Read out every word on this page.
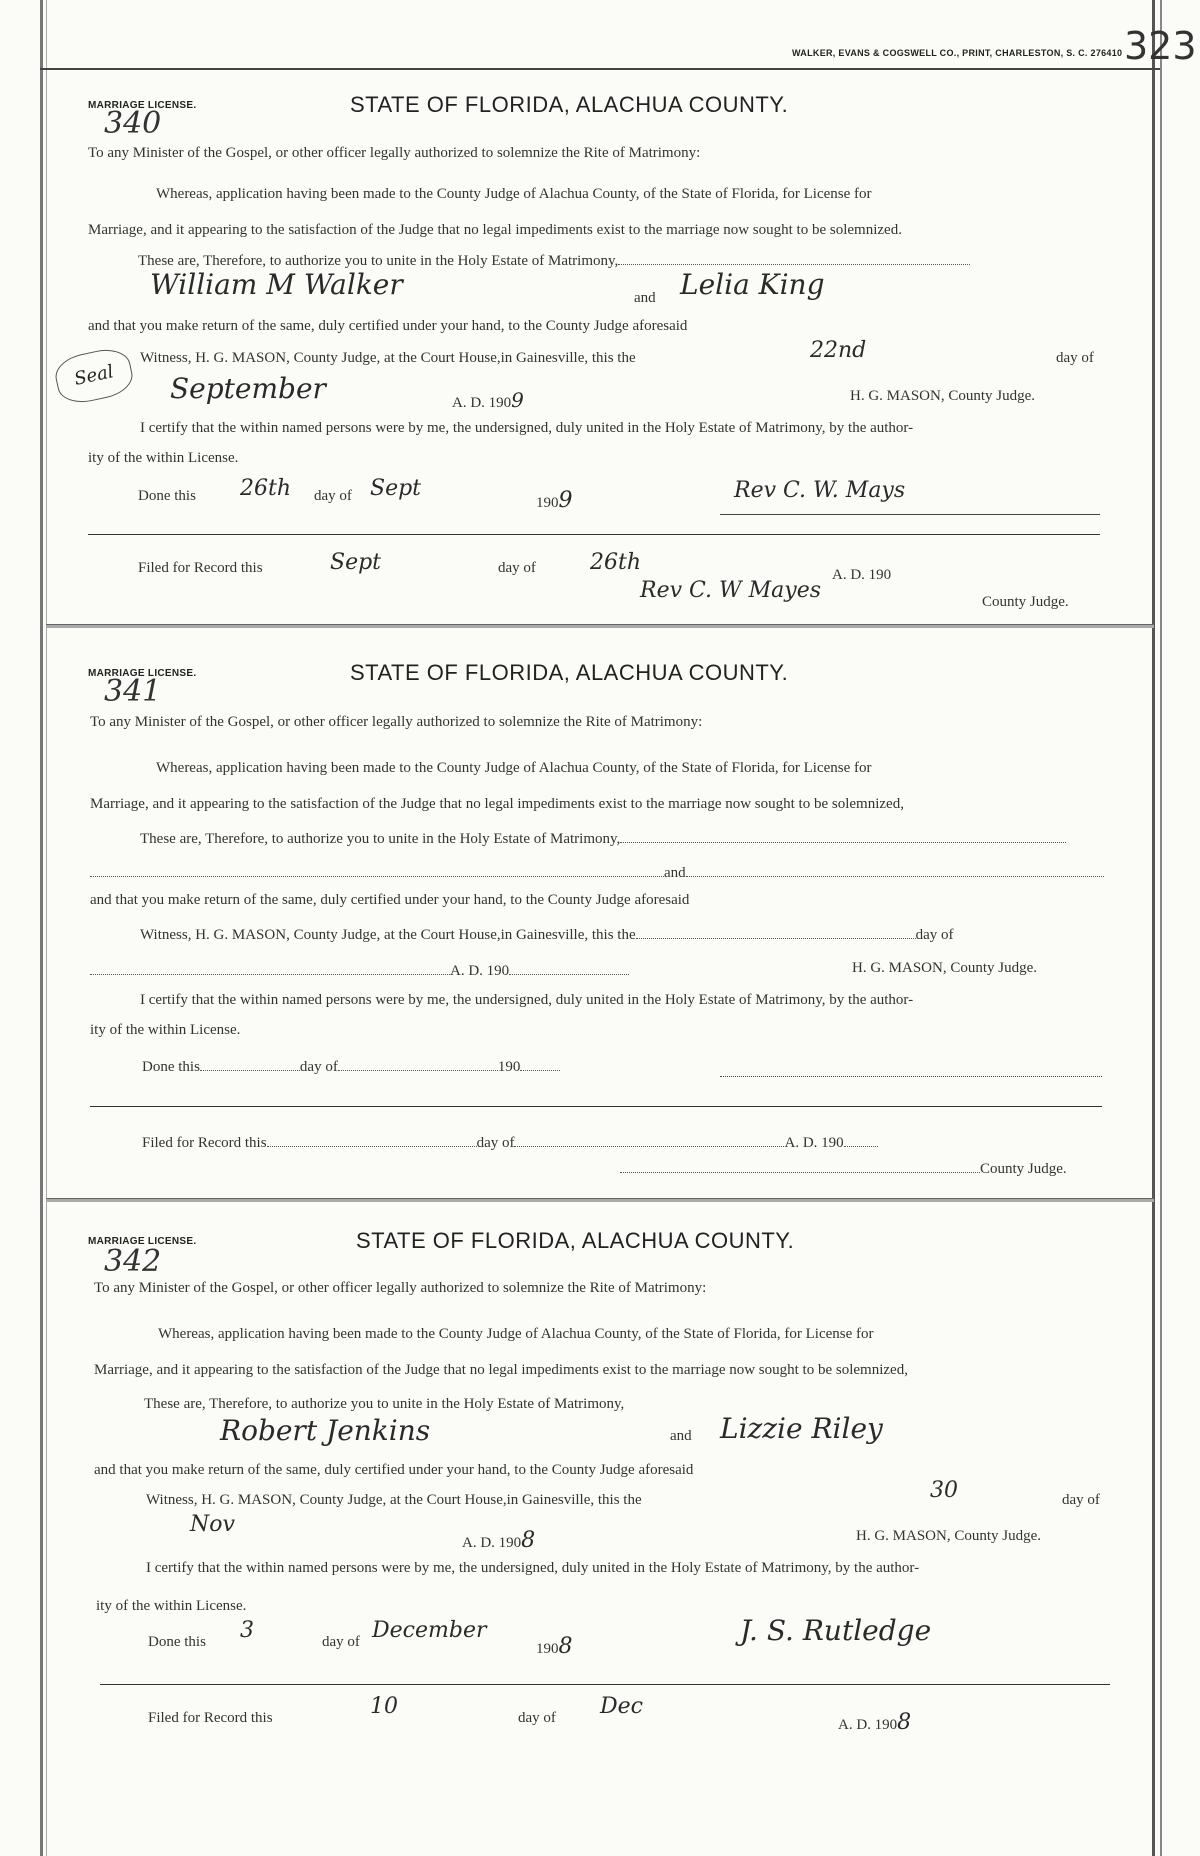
WALKER, EVANS & COGSWELL CO., PRINT, CHARLESTON, S. C. 276410 323
MARRIAGE LICENSE.
340
STATE OF FLORIDA, ALACHUA COUNTY.
To any Minister of the Gospel, or other officer legally authorized to solemnize the Rite of Matrimony:
Whereas, application having been made to the County Judge of Alachua County, of the State of Florida, for License for
Marriage, and it appearing to the satisfaction of the Judge that no legal impediments exist to the marriage now sought to be solemnized.
These are, Therefore, to authorize you to unite in the Holy Estate of Matrimony,
William M Walker	and Lelia King
and that you make return of the same, duly certified under your hand, to the County Judge aforesaid
Seal
Witness, H. G. MASON, County Judge, at the Court House,in Gainesville, this the	22nd	day of
September	A. D. 1909	H. G. MASON, County Judge.
I certify that the within named persons were by me, the undersigned, duly united in the Holy Estate of Matrimony, by the author-
ity of the within License.
Done this 26th day of Sept
1909	Rev C. W. Mays
Filed for Record this	Sept	day of 26th	A. D. 190
Rev C. W Mayes	County Judge.
MARRIAGE LICENSE.
341
STATE OF FLORIDA, ALACHUA COUNTY.
To any Minister of the Gospel, or other officer legally authorized to solemnize the Rite of Matrimony:
Whereas, application having been made to the County Judge of Alachua County, of the State of Florida, for License for
Marriage, and it appearing to the satisfaction of the Judge that no legal impediments exist to the marriage now sought to be solemnized,
These are, Therefore, to authorize you to unite in the Holy Estate of Matrimony,
and
and that you make return of the same, duly certified under your hand, to the County Judge aforesaid
Witness, H. G. MASON, County Judge, at the Court House,in Gainesville, this the	day of
A. D. 190	H. G. MASON, County Judge.
I certify that the within named persons were by me, the undersigned, duly united in the Holy Estate of Matrimony, by the author-
ity of the within License.
Done this	day of	190
Filed for Record this	day of	A. D. 190
County Judge.
MARRIAGE LICENSE.
342
STATE OF FLORIDA, ALACHUA COUNTY.
To any Minister of the Gospel, or other officer legally authorized to solemnize the Rite of Matrimony:
Whereas, application having been made to the County Judge of Alachua County, of the State of Florida, for License for
Marriage, and it appearing to the satisfaction of the Judge that no legal impediments exist to the marriage now sought to be solemnized,
These are, Therefore, to authorize you to unite in the Holy Estate of Matrimony,
Robert Jenkins	and Lizzie Riley
and that you make return of the same, duly certified under your hand, to the County Judge aforesaid
Witness, H. G. MASON, County Judge, at the Court House,in Gainesville, this the	30	day of
Nov
A. D. 1908	H. G. MASON, County Judge.
I certify that the within named persons were by me, the undersigned, duly united in the Holy Estate of Matrimony, by the author-
ity of the within License.
Done this 3	day of December
1908	J. S. Rutledge
Filed for Record this	10	day of Dec
A. D. 1908
